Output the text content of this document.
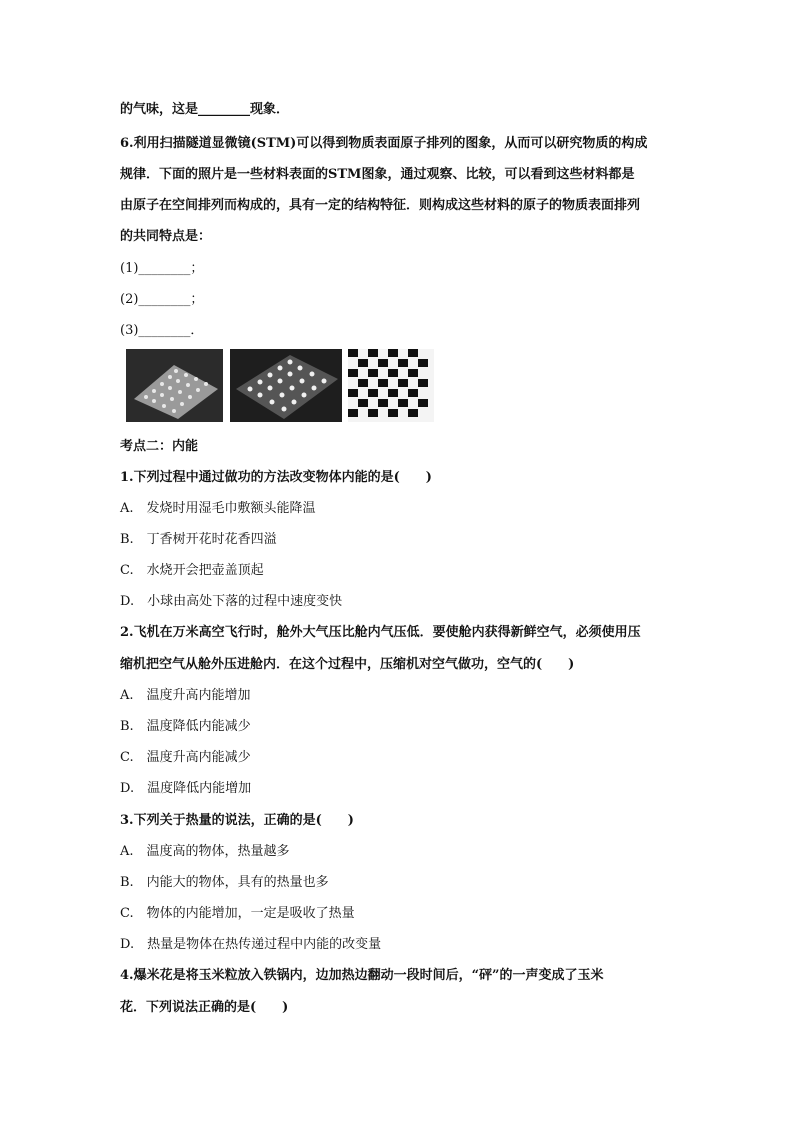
的气味，这是________现象．
6.利用扫描隧道显微镜(STM)可以得到物质表面原子排列的图象，从而可以研究物质的构成
规律．下面的照片是一些材料表面的STM图象，通过观察、比较，可以看到这些材料都是
由原子在空间排列而构成的，具有一定的结构特征．则构成这些材料的原子的物质表面排列
的共同特点是：
(1)________；
(2)________；
(3)________．
考点二：内能
1.下列过程中通过做功的方法改变物体内能的是(　　)
A.　发烧时用湿毛巾敷额头能降温
B.　丁香树开花时花香四溢
C.　水烧开会把壶盖顶起
D.　小球由高处下落的过程中速度变快
2.飞机在万米高空飞行时，舱外大气压比舱内气压低．要使舱内获得新鲜空气，必须使用压
缩机把空气从舱外压进舱内．在这个过程中，压缩机对空气做功，空气的(　　)
A.　温度升高内能增加
B.　温度降低内能减少
C.　温度升高内能减少
D.　温度降低内能增加
3.下列关于热量的说法，正确的是(　　)
A.　温度高的物体，热量越多
B.　内能大的物体，具有的热量也多
C.　物体的内能增加，一定是吸收了热量
D.　热量是物体在热传递过程中内能的改变量
4.爆米花是将玉米粒放入铁锅内，边加热边翻动一段时间后，“砰”的一声变成了玉米
花．下列说法正确的是(　　)
